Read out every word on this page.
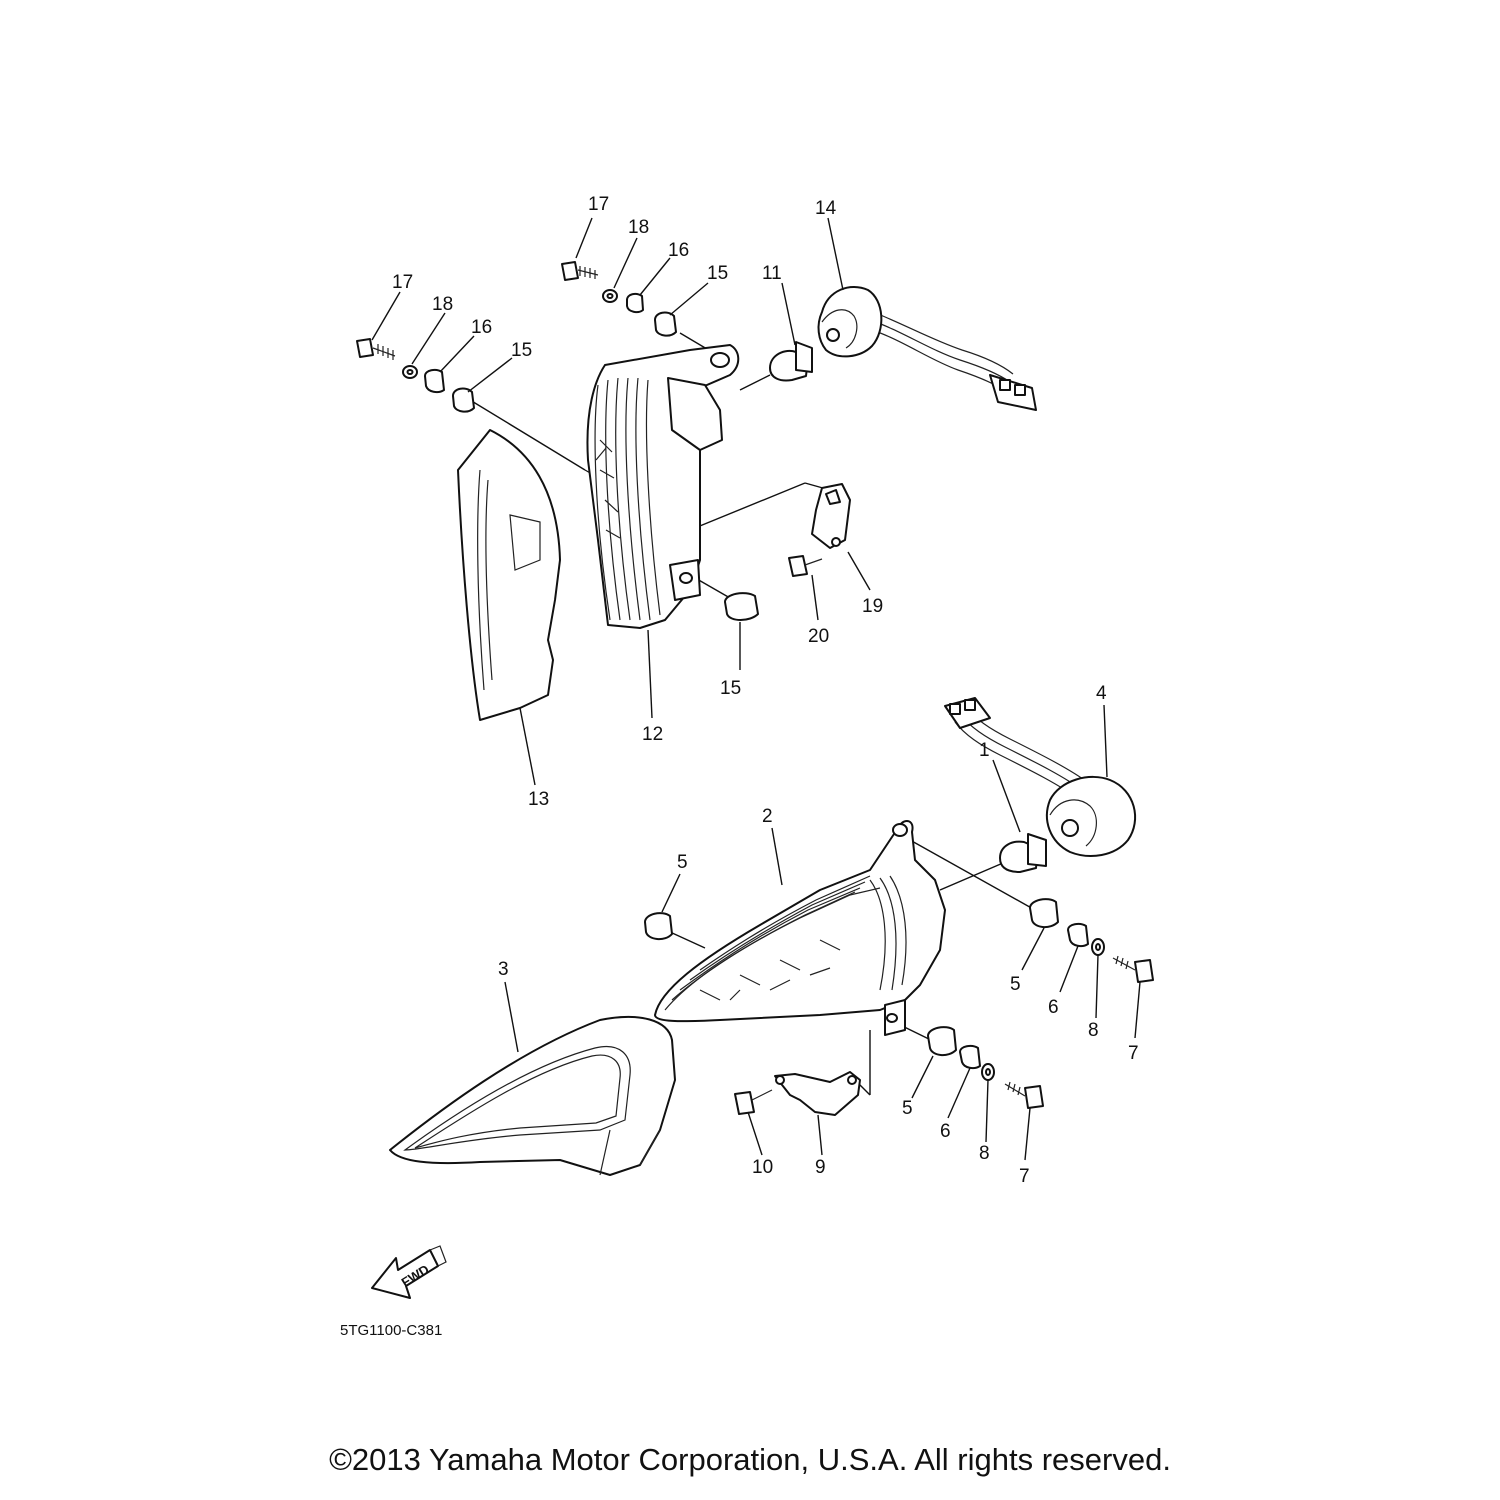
17
18
16
15 11
14
17
18
16
15
19
20
15
12
13
4
1
2
5
3
5
6
8
7
5
6
8
7
9
10
FWD
5TG1100-C381

©2013 Yamaha Motor Corporation, U.S.A. All rights reserved.
